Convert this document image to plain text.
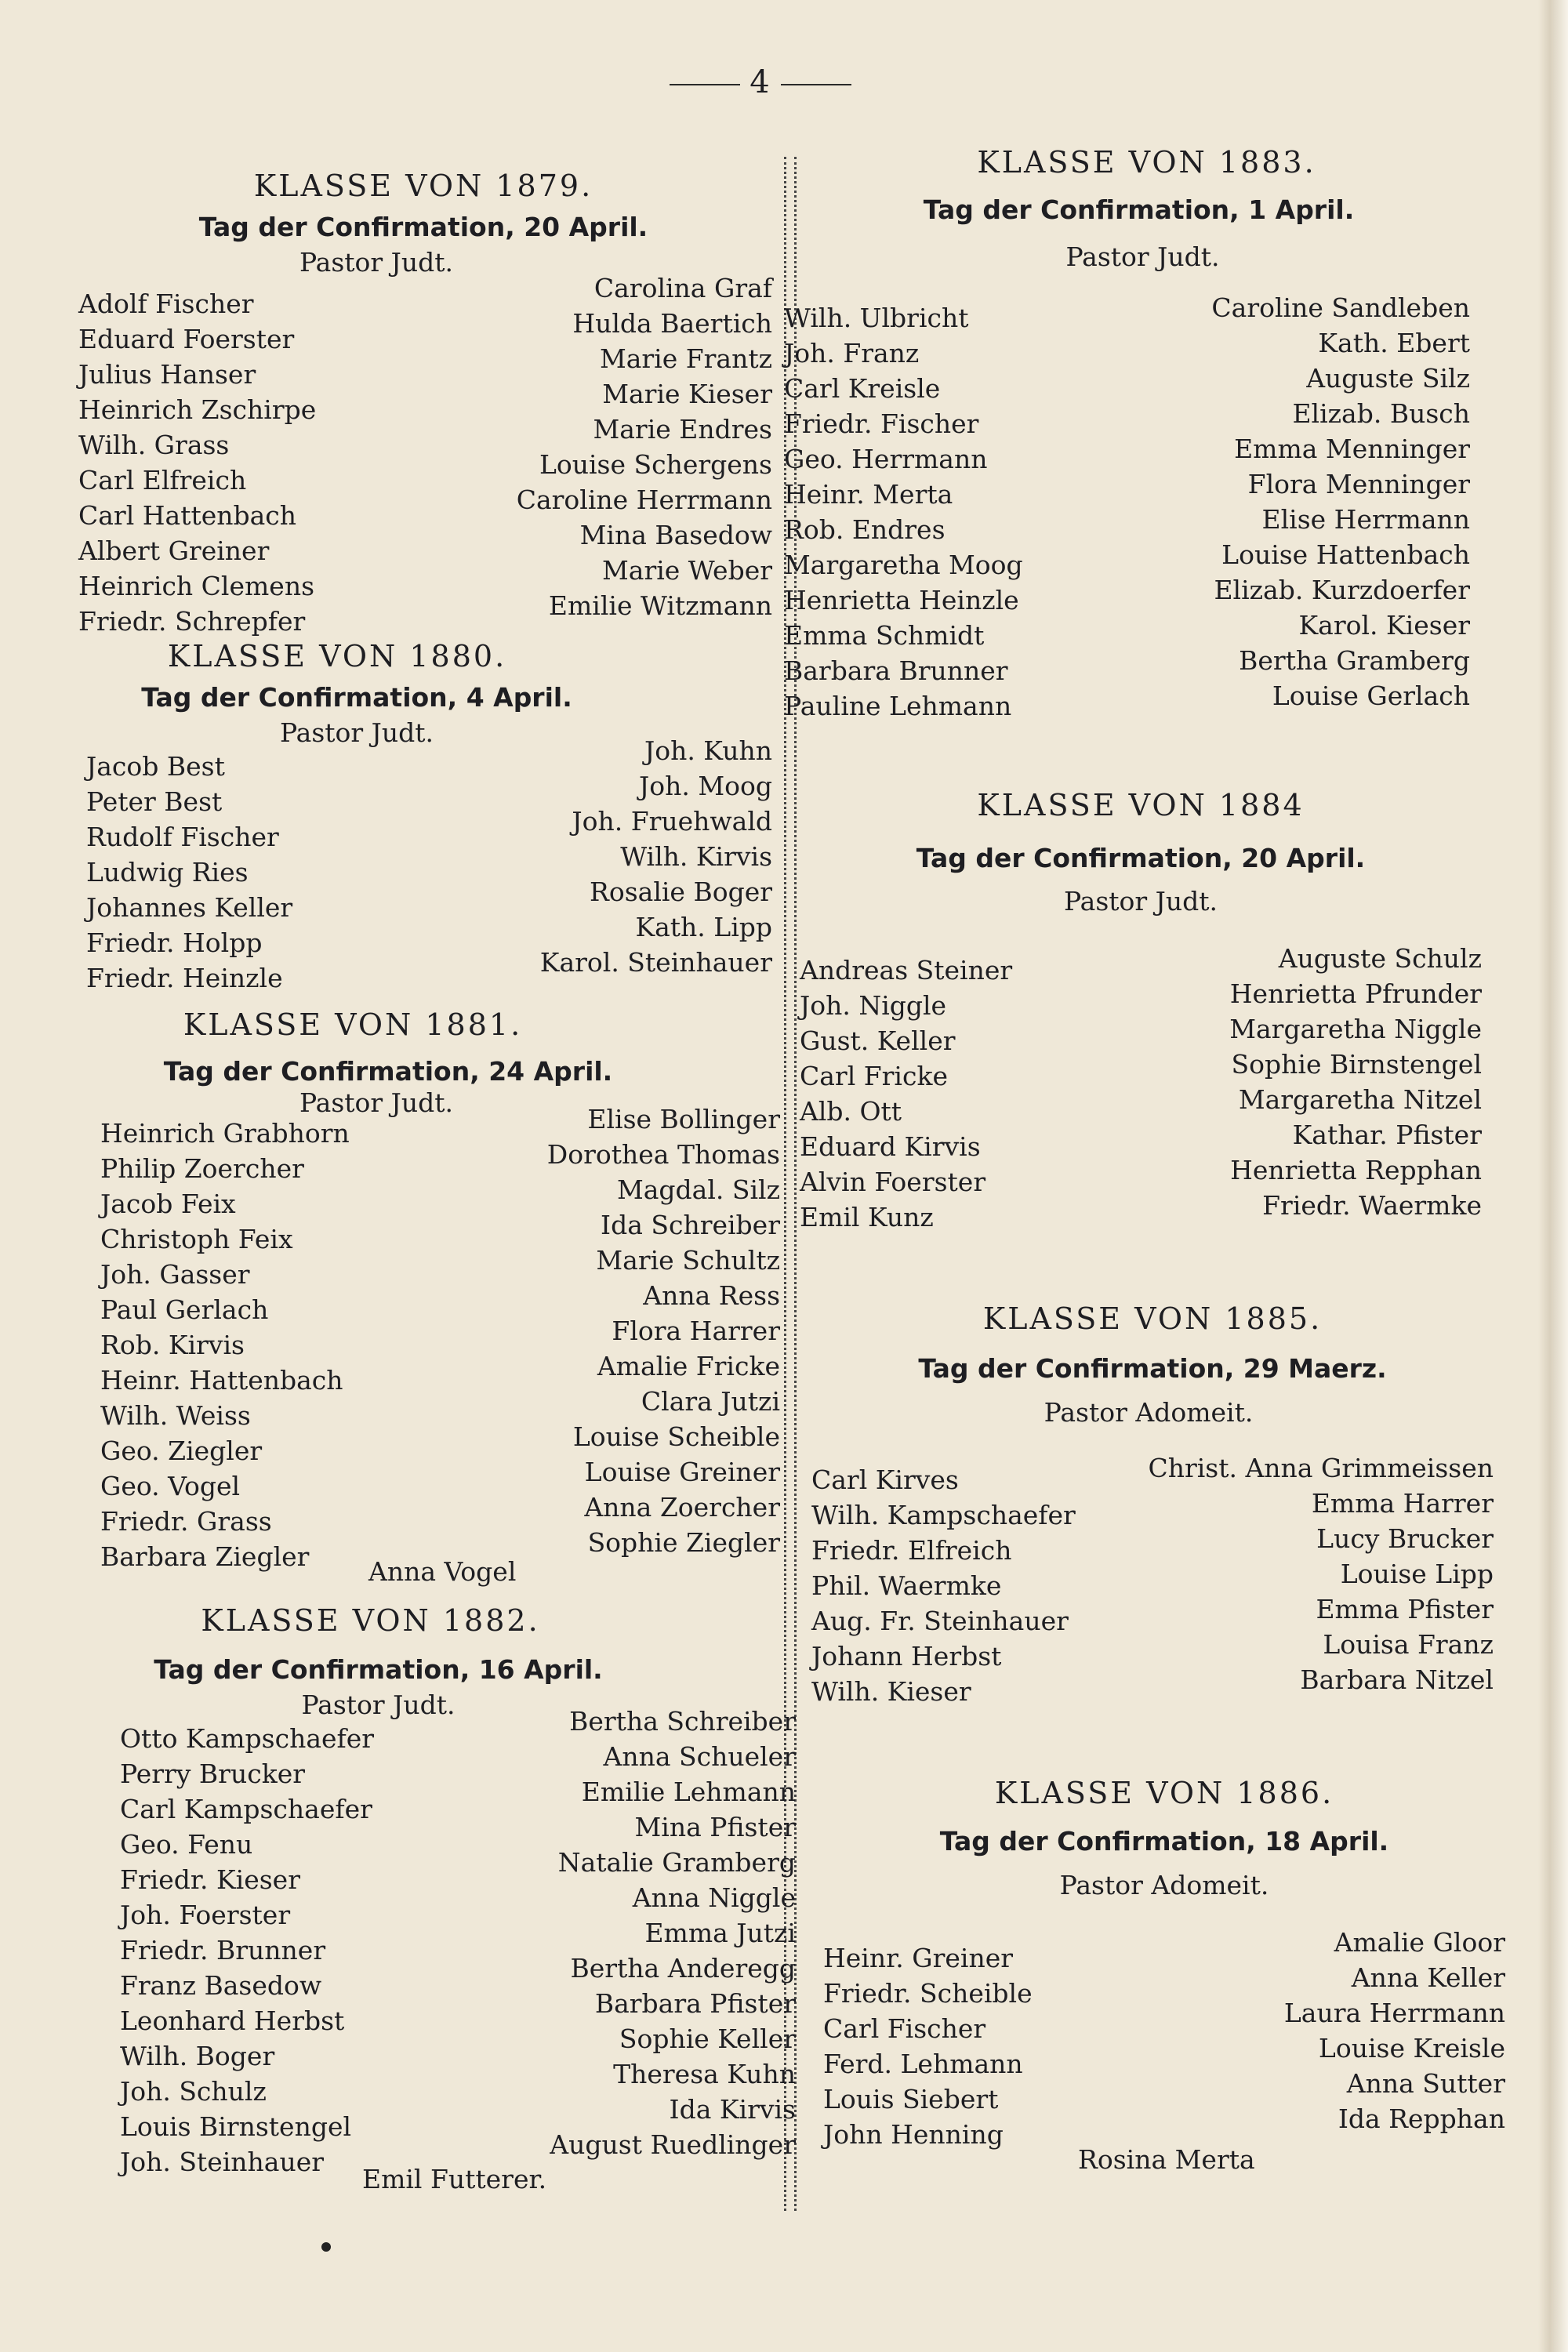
4
KLASSE VON 1879.
Tag der Confirmation, 20 April.
Pastor Judt.
Adolf Fischer
Eduard Foerster
Julius Hanser
Heinrich Zschirpe
Wilh. Grass
Carl Elfreich
Carl Hattenbach
Albert Greiner
Heinrich Clemens
Friedr. Schrepfer
Carolina Graf
Hulda Baertich
Marie Frantz
Marie Kieser
Marie Endres
Louise Schergens
Caroline Herrmann
Mina Basedow
Marie Weber
Emilie Witzmann
KLASSE VON 1880.
Tag der Confirmation, 4 April.
Pastor Judt.
Jacob Best
Peter Best
Rudolf Fischer
Ludwig Ries
Johannes Keller
Friedr. Holpp
Friedr. Heinzle
Joh. Kuhn
Joh. Moog
Joh. Fruehwald
Wilh. Kirvis
Rosalie Boger
Kath. Lipp
Karol. Steinhauer
KLASSE VON 1881.
Tag der Confirmation, 24 April.
Pastor Judt.
Heinrich Grabhorn
Philip Zoercher
Jacob Feix
Christoph Feix
Joh. Gasser
Paul Gerlach
Rob. Kirvis
Heinr. Hattenbach
Wilh. Weiss
Geo. Ziegler
Geo. Vogel
Friedr. Grass
Barbara Ziegler
Elise Bollinger
Dorothea Thomas
Magdal. Silz
Ida Schreiber
Marie Schultz
Anna Ress
Flora Harrer
Amalie Fricke
Clara Jutzi
Louise Scheible
Louise Greiner
Anna Zoercher
Sophie Ziegler
Anna Vogel
KLASSE VON 1882.
Tag der Confirmation, 16 April.
Pastor Judt.
Otto Kampschaefer
Perry Brucker
Carl Kampschaefer
Geo. Fenu
Friedr. Kieser
Joh. Foerster
Friedr. Brunner
Franz Basedow
Leonhard Herbst
Wilh. Boger
Joh. Schulz
Louis Birnstengel
Joh. Steinhauer
Bertha Schreiber
Anna Schueler
Emilie Lehmann
Mina Pfister
Natalie Gramberg
Anna Niggle
Emma Jutzi
Bertha Anderegg
Barbara Pfister
Sophie Keller
Theresa Kuhn
Ida Kirvis
August Ruedlinger
Emil Futterer.
KLASSE VON 1883.
Tag der Confirmation, 1 April.
Pastor Judt.
Wilh. Ulbricht
Joh. Franz
Carl Kreisle
Friedr. Fischer
Geo. Herrmann
Heinr. Merta
Rob. Endres
Margaretha Moog
Henrietta Heinzle
Emma Schmidt
Barbara Brunner
Pauline Lehmann
Caroline Sandleben
Kath. Ebert
Auguste Silz
Elizab. Busch
Emma Menninger
Flora Menninger
Elise Herrmann
Louise Hattenbach
Elizab. Kurzdoerfer
Karol. Kieser
Bertha Gramberg
Louise Gerlach
KLASSE VON 1884
Tag der Confirmation, 20 April.
Pastor Judt.
Andreas Steiner
Joh. Niggle
Gust. Keller
Carl Fricke
Alb. Ott
Eduard Kirvis
Alvin Foerster
Emil Kunz
Auguste Schulz
Henrietta Pfrunder
Margaretha Niggle
Sophie Birnstengel
Margaretha Nitzel
Kathar. Pfister
Henrietta Repphan
Friedr. Waermke
KLASSE VON 1885.
Tag der Confirmation, 29 Maerz.
Pastor Adomeit.
Carl Kirves
Wilh. Kampschaefer
Friedr. Elfreich
Phil. Waermke
Aug. Fr. Steinhauer
Johann Herbst
Wilh. Kieser
Christ. Anna Grimmeissen
Emma Harrer
Lucy Brucker
Louise Lipp
Emma Pfister
Louisa Franz
Barbara Nitzel
KLASSE VON 1886.
Tag der Confirmation, 18 April.
Pastor Adomeit.
Heinr. Greiner
Friedr. Scheible
Carl Fischer
Ferd. Lehmann
Louis Siebert
John Henning
Amalie Gloor
Anna Keller
Laura Herrmann
Louise Kreisle
Anna Sutter
Ida Repphan
Rosina Merta
